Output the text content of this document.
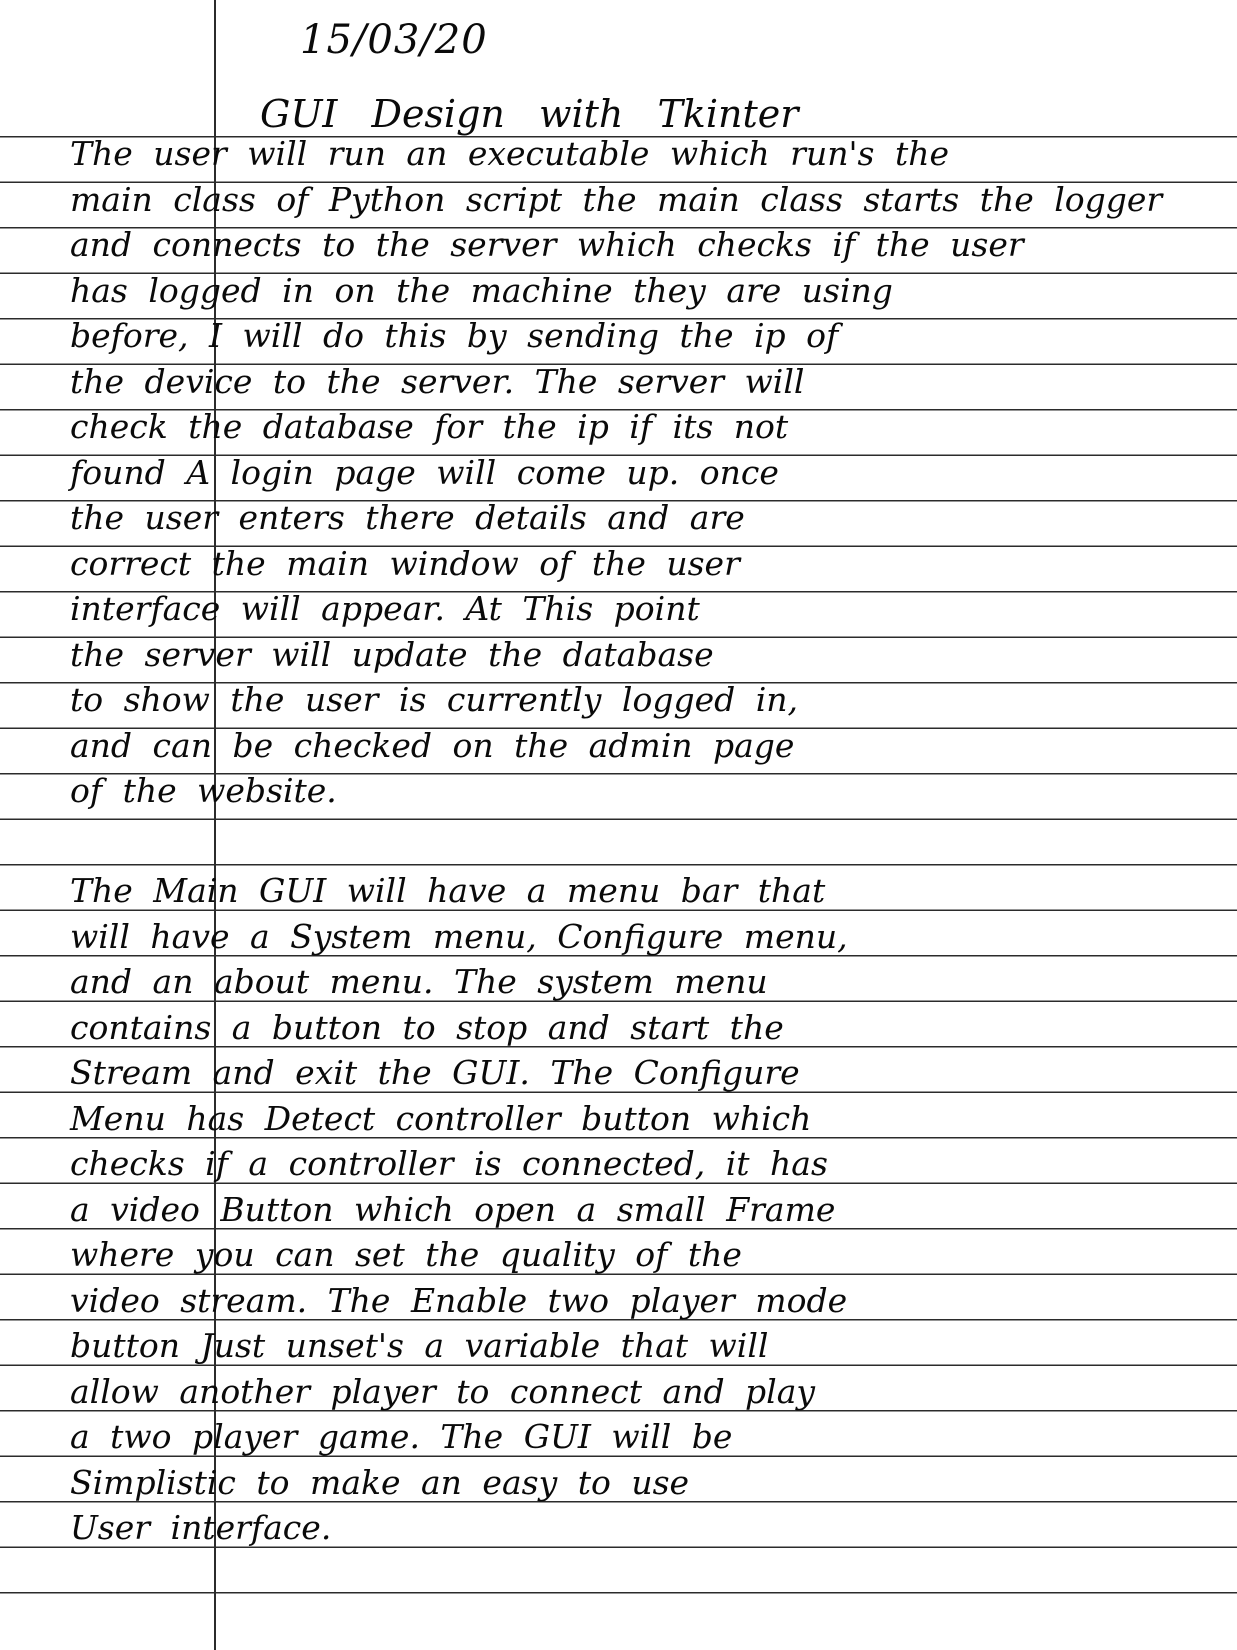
15/03/20

GUI Design with Tkinter
The user will run an executable which run's the
main class of Python script the main class starts the logger
and connects to the server which checks if the user
has logged in on the machine they are using
before, I will do this by sending the ip of
the device to the server. The server will
check the database for the ip if its not
found A login page will come up. once
the user enters there details and are
correct the main window of the user
interface will appear. At This point
the server will update the database
to show the user is currently logged in,
and can be checked on the admin page
of the website.
The Main GUI will have a menu bar that
will have a System menu, Configure menu,
and an about menu. The system menu
contains a button to stop and start the
Stream and exit the GUI. The Configure
Menu has Detect controller button which
checks if a controller is connected, it has
a video Button which open a small Frame
where you can set the quality of the
video stream. The Enable two player mode
button Just unset's a variable that will
allow another player to connect and play
a two player game. The GUI will be
Simplistic to make an easy to use
User interface.
